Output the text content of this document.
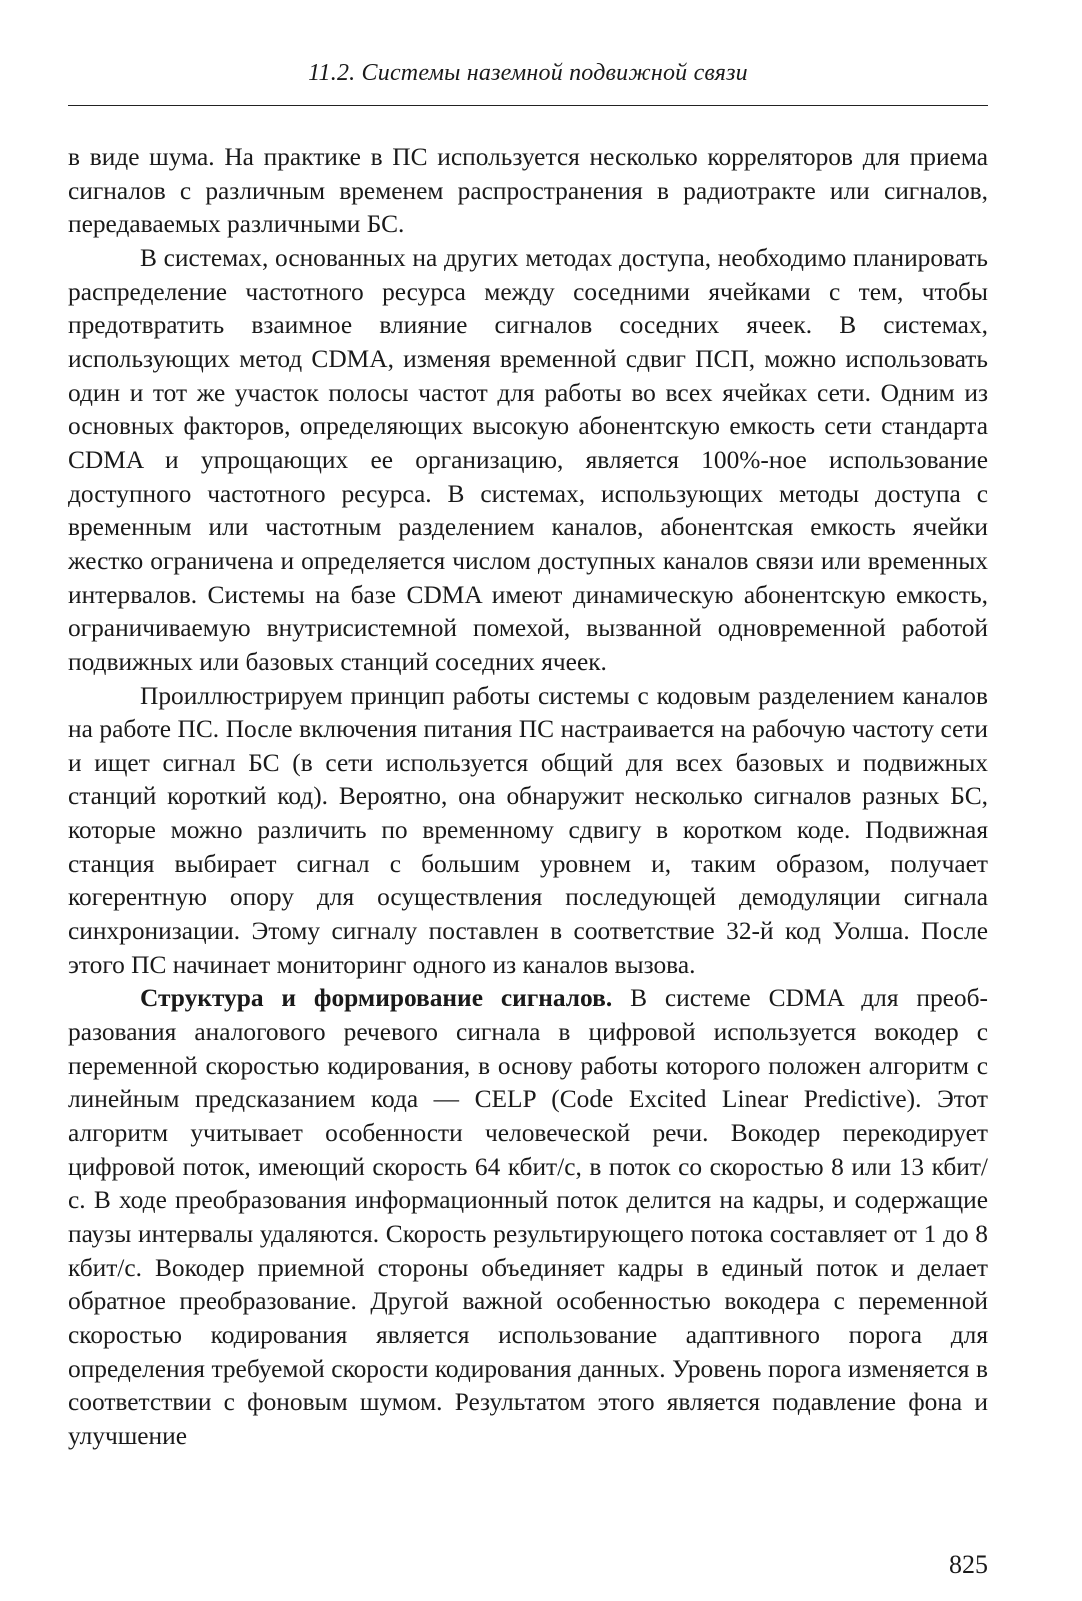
11.2. Системы наземной подвижной связи

в виде шума. На практике в ПС используется несколько корреляторов для приема сигналов с различным временем распространения в радиотракте или сигналов, передаваемых различными БС.

В системах, основанных на других методах доступа, необходимо планировать распределение частотного ресурса между соседними ячейками с тем, чтобы предотвратить взаимное влияние сигналов соседних ячеек. В системах, использующих метод CDMA, изменяя временной сдвиг ПСП, можно использовать один и тот же участок полосы частот для работы во всех ячейках сети. Одним из основных факторов, определяющих высокую абонентскую емкость сети стандарта CDMA и упрощающих ее организацию, является 100%-ное использование доступного частотного ресурса. В системах, использующих методы доступа с временным или частотным разделением каналов, абонентская емкость ячейки жестко ограничена и определяется числом доступных каналов связи или временных интервалов. Системы на базе CDMA имеют динамическую абонентскую емкость, ограничиваемую внутрисистемной помехой, вызванной одновременной работой подвижных или базовых станций соседних ячеек.

Проиллюстрируем принцип работы системы с кодовым разделением каналов на работе ПС. После включения питания ПС настраивается на рабочую частоту сети и ищет сигнал БС (в сети используется общий для всех базовых и подвижных станций короткий код). Вероятно, она обнаружит несколько сигналов разных БС, которые можно различить по временному сдвигу в коротком коде. Подвижная станция выбирает сигнал с большим уровнем и, таким образом, получает когерентную опору для осуществления последующей демодуляции сигнала синхронизации. Этому сигналу поставлен в соответствие 32-й код Уолша. После этого ПС начинает мониторинг одного из каналов вызова.

Структура и формирование сигналов. В системе CDMA для преобразования аналогового речевого сигнала в цифровой используется вокодер с переменной скоростью кодирования, в основу работы которого положен алгоритм с линейным предсказанием кода — CELP (Code Excited Linear Predictive). Этот алгоритм учитывает особенности человеческой речи. Вокодер перекодирует цифровой поток, имеющий скорость 64 кбит/с, в поток со скоростью 8 или 13 кбит/с. В ходе преобразования информационный поток делится на кадры, и содержащие паузы интервалы удаляются. Скорость результирующего потока составляет от 1 до 8 кбит/с. Вокодер приемной стороны объединяет кадры в единый поток и делает обратное преобразование. Другой важной особенностью вокодера с переменной скоростью кодирования является использование адаптивного порога для определения требуемой скорости кодирования данных. Уровень порога изменяется в соответствии с фоновым шумом. Результатом этого является подавление фона и улучшение

825
